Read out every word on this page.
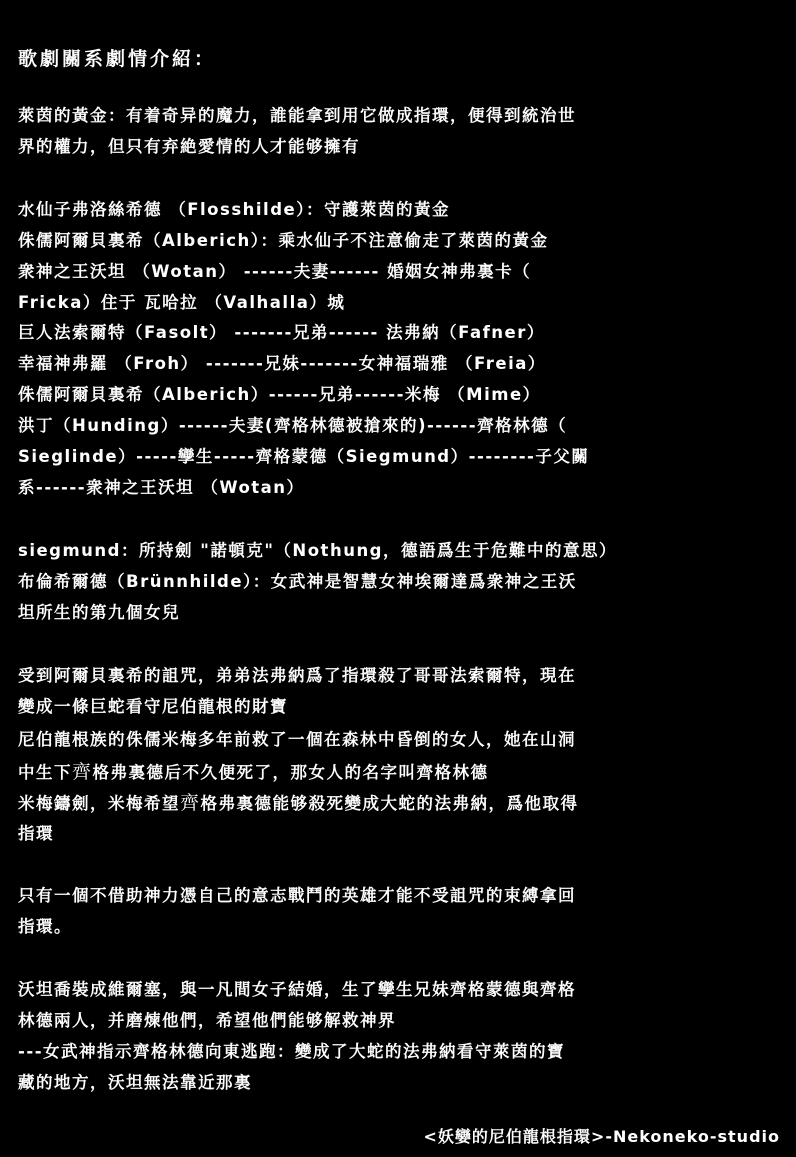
歌劇關系劇情介紹：
萊茵的黃金：有着奇异的魔力，誰能拿到用它做成指環，便得到統治世
界的權力，但只有弃絶愛情的人才能够擁有
水仙子弗洛絲希德 （Flosshilde）：守護萊茵的黃金
侏儒阿爾貝裏希（Alberich）：乘水仙子不注意偷走了萊茵的黃金
衆神之王沃坦 （Wotan） ------夫妻------ 婚姻女神弗裏卡（
Fricka）住于 瓦哈拉 （Valhalla）城
巨人法索爾特（Fasolt） -------兄弟------ 法弗納（Fafner）
幸福神弗羅 （Froh） -------兄妹-------女神福瑞雅 （Freia）
侏儒阿爾貝裏希（Alberich）------兄弟------米梅 （Mime）
洪丁（Hunding）------夫妻(齊格林德被搶來的)------齊格林德（
Sieglinde）-----孿生-----齊格蒙德（Siegmund）--------子父關
系------衆神之王沃坦 （Wotan）
siegmund：所持劍 "諾頓克"（Nothung，德語爲生于危難中的意思）
布倫希爾德（Brünnhilde）：女武神是智慧女神埃爾達爲衆神之王沃
坦所生的第九個女兒
受到阿爾貝裏希的詛咒，弟弟法弗納爲了指環殺了哥哥法索爾特，現在
變成一條巨蛇看守尼伯龍根的財寶
尼伯龍根族的侏儒米梅多年前救了一個在森林中昏倒的女人，她在山洞
中生下齊格弗裏德后不久便死了，那女人的名字叫齊格林德
米梅鑄劍，米梅希望齊格弗裏德能够殺死變成大蛇的法弗納，爲他取得
指環
只有一個不借助神力憑自己的意志戰鬥的英雄才能不受詛咒的束縛拿回
指環。
沃坦喬裝成維爾塞，與一凡間女子結婚，生了孿生兄妹齊格蒙德與齊格
林德兩人，并磨煉他們，希望他們能够解救神界
---女武神指示齊格林德向東逃跑：變成了大蛇的法弗納看守萊茵的寶
藏的地方，沃坦無法靠近那裏
<妖孌的尼伯龍根指環>-Nekoneko-studio
